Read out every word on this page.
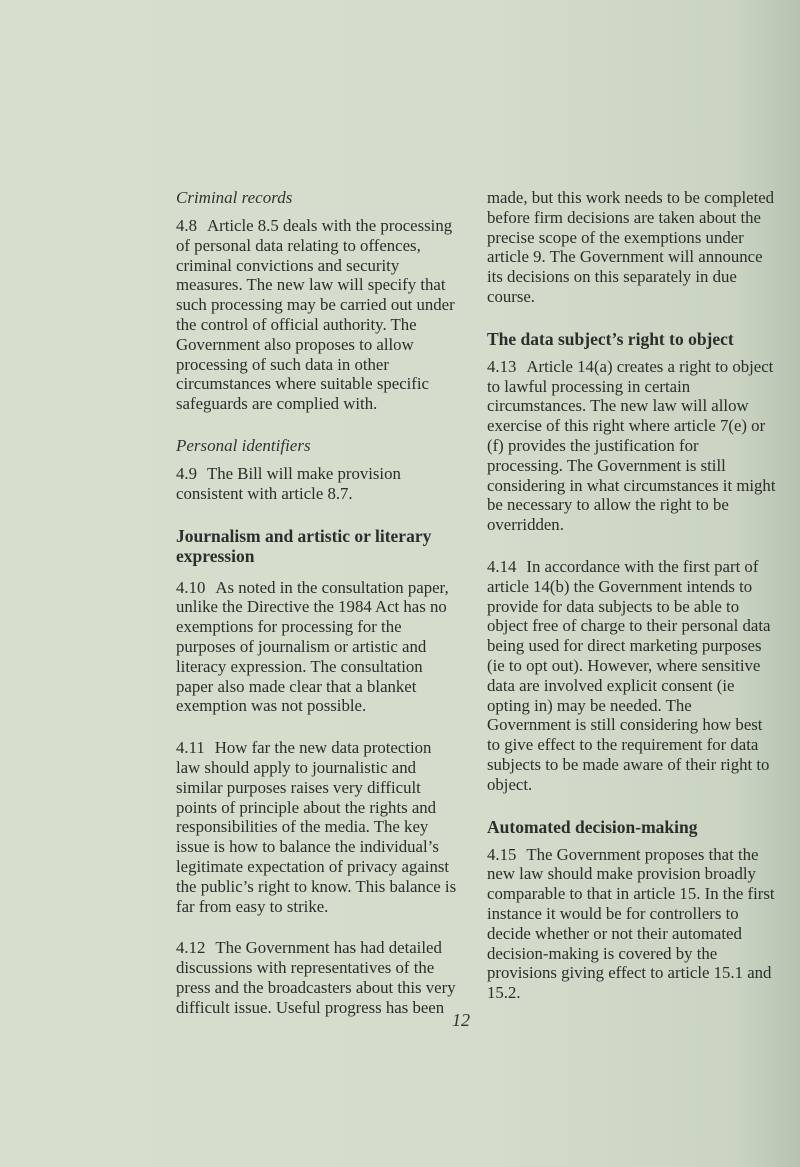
Criminal records

4.8 Article 8.5 deals with the processing of personal data relating to offences, criminal convictions and security measures. The new law will specify that such processing may be carried out under the control of official authority. The Government also proposes to allow processing of such data in other circumstances where suitable specific safeguards are complied with.

Personal identifiers

4.9 The Bill will make provision consistent with article 8.7.

Journalism and artistic or literary expression

4.10 As noted in the consultation paper, unlike the Directive the 1984 Act has no exemptions for processing for the purposes of journalism or artistic and literacy expression. The consultation paper also made clear that a blanket exemption was not possible.

4.11 How far the new data protection law should apply to journalistic and similar purposes raises very difficult points of principle about the rights and responsibilities of the media. The key issue is how to balance the individual’s legitimate expectation of privacy against the public’s right to know. This balance is far from easy to strike.

4.12 The Government has had detailed discussions with representatives of the press and the broadcasters about this very difficult issue. Useful progress has been

made, but this work needs to be completed before firm decisions are taken about the precise scope of the exemptions under article 9. The Government will announce its decisions on this separately in due course.

The data subject’s right to object

4.13 Article 14(a) creates a right to object to lawful processing in certain circumstances. The new law will allow exercise of this right where article 7(e) or (f) provides the justification for processing. The Government is still considering in what circumstances it might be necessary to allow the right to be overridden.

4.14 In accordance with the first part of article 14(b) the Government intends to provide for data subjects to be able to object free of charge to their personal data being used for direct marketing purposes (ie to opt out). However, where sensitive data are involved explicit consent (ie opting in) may be needed. The Government is still considering how best to give effect to the requirement for data subjects to be made aware of their right to object.

Automated decision-making

4.15 The Government proposes that the new law should make provision broadly comparable to that in article 15. In the first instance it would be for controllers to decide whether or not their automated decision-making is covered by the provisions giving effect to article 15.1 and 15.2.

12
